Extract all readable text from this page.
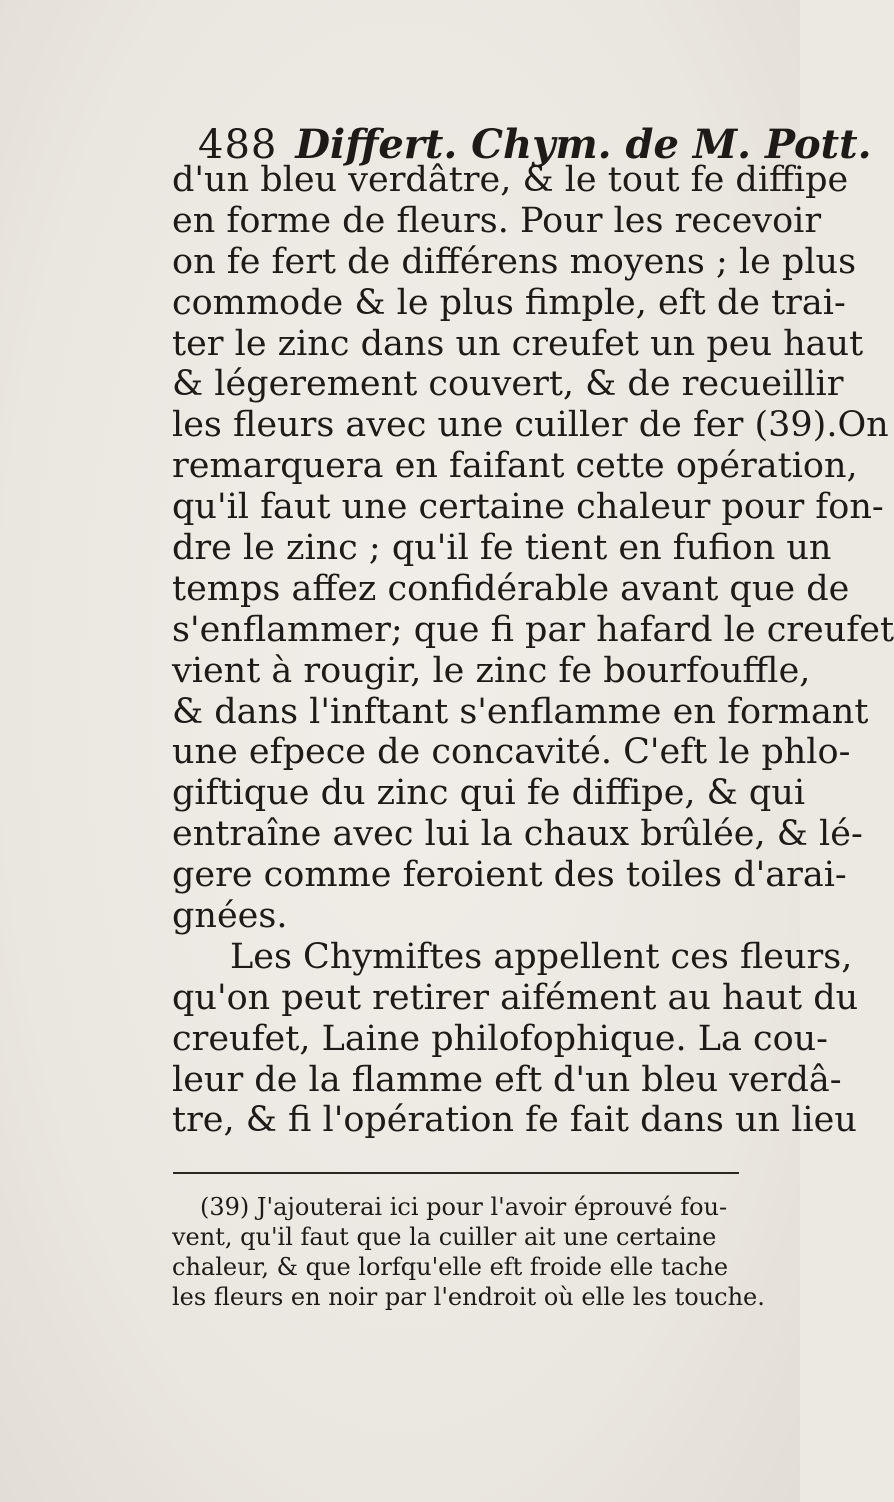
488 Differt. Chym. de M. Pott.
d'un bleu verdâtre, & le tout fe diffipe
en forme de fleurs. Pour les recevoir
on fe fert de différens moyens ; le plus
commode & le plus fimple, eft de trai-
ter le zinc dans un creufet un peu haut
& légerement couvert, & de recueillir
les fleurs avec une cuiller de fer (39).On
remarquera en faifant cette opération,
qu'il faut une certaine chaleur pour fon-
dre le zinc ; qu'il fe tient en fufion un
temps affez confidérable avant que de
s'enflammer; que fi par hafard le creufet
vient à rougir, le zinc fe bourfouffle,
& dans l'inftant s'enflamme en formant
une efpece de concavité. C'eft le phlo-
giftique du zinc qui fe diffipe, & qui
entraîne avec lui la chaux brûlée, & lé-
gere comme feroient des toiles d'arai-
gnées.
Les Chymiftes appellent ces fleurs,
qu'on peut retirer aifément au haut du
creufet, Laine philofophique. La cou-
leur de la flamme eft d'un bleu verdâ-
tre, & fi l'opération fe fait dans un lieu
(39) J'ajouterai ici pour l'avoir éprouvé fou-
vent, qu'il faut que la cuiller ait une certaine
chaleur, & que lorfqu'elle eft froide elle tache
les fleurs en noir par l'endroit où elle les touche.
